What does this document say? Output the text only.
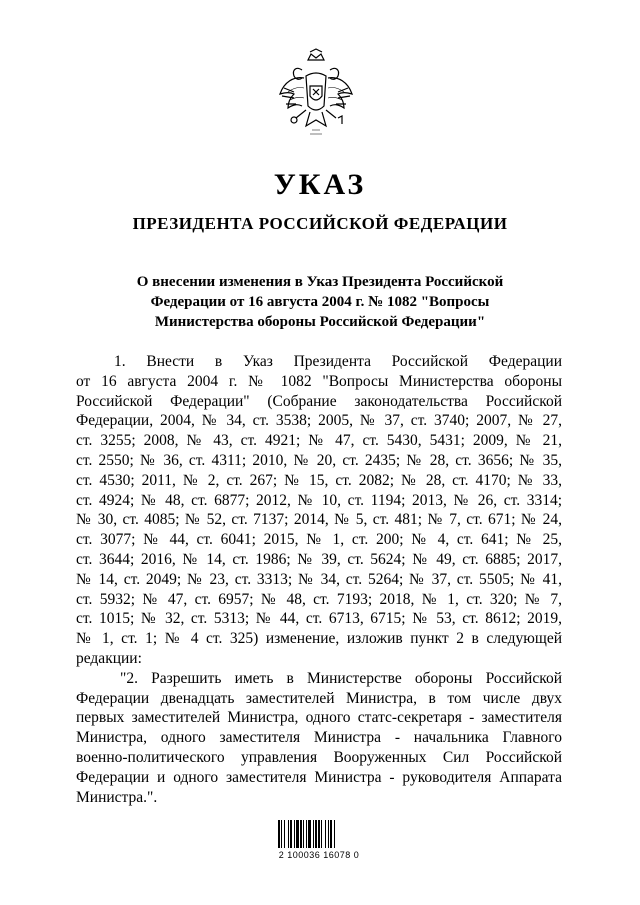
УКАЗ
ПРЕЗИДЕНТА РОССИЙСКОЙ ФЕДЕРАЦИИ
О внесении изменения в Указ Президента Российской
Федерации от 16 августа 2004 г. № 1082 "Вопросы
Министерства обороны Российской Федерации"

1. Внести в Указ Президента Российской Федерации
от 16 августа 2004 г. № 1082 "Вопросы Министерства обороны
Российской Федерации" (Собрание законодательства Российской
Федерации, 2004, № 34, ст. 3538; 2005, № 37, ст. 3740; 2007, № 27,
ст. 3255; 2008, № 43, ст. 4921; № 47, ст. 5430, 5431; 2009, № 21,
ст. 2550; № 36, ст. 4311; 2010, № 20, ст. 2435; № 28, ст. 3656; № 35,
ст. 4530; 2011, № 2, ст. 267; № 15, ст. 2082; № 28, ст. 4170; № 33,
ст. 4924; № 48, ст. 6877; 2012, № 10, ст. 1194; 2013, № 26, ст. 3314;
№ 30, ст. 4085; № 52, ст. 7137; 2014, № 5, ст. 481; № 7, ст. 671; № 24,
ст. 3077; № 44, ст. 6041; 2015, № 1, ст. 200; № 4, ст. 641; № 25,
ст. 3644; 2016, № 14, ст. 1986; № 39, ст. 5624; № 49, ст. 6885; 2017,
№ 14, ст. 2049; № 23, ст. 3313; № 34, ст. 5264; № 37, ст. 5505; № 41,
ст. 5932; № 47, ст. 6957; № 48, ст. 7193; 2018, № 1, ст. 320; № 7,
ст. 1015; № 32, ст. 5313; № 44, ст. 6713, 6715; № 53, ст. 8612; 2019,
№ 1, ст. 1; № 4 ст. 325) изменение, изложив пункт 2 в следующей
редакции:

"2. Разрешить иметь в Министерстве обороны Российской
Федерации двенадцать заместителей Министра, в том числе двух
первых заместителей Министра, одного статс-секретаря - заместителя
Министра, одного заместителя Министра - начальника Главного
военно-политического управления Вооруженных Сил Российской
Федерации и одного заместителя Министра - руководителя Аппарата
Министра.".

2 100036 16078 0
